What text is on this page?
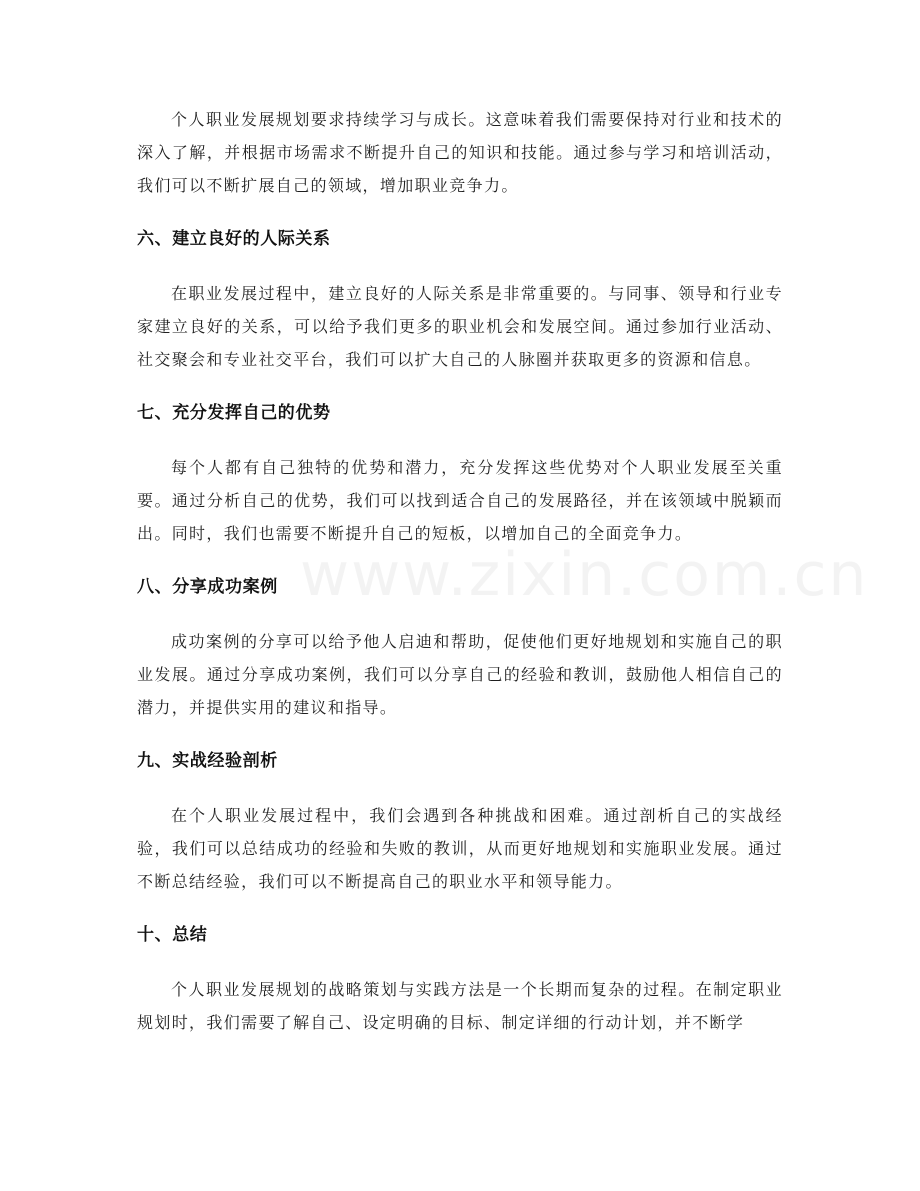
www.zixin.com.cn

个人职业发展规划要求持续学习与成长。这意味着我们需要保持对行业和技术的深入了解，并根据市场需求不断提升自己的知识和技能。通过参与学习和培训活动，我们可以不断扩展自己的领域，增加职业竞争力。

六、建立良好的人际关系

在职业发展过程中，建立良好的人际关系是非常重要的。与同事、领导和行业专家建立良好的关系，可以给予我们更多的职业机会和发展空间。通过参加行业活动、社交聚会和专业社交平台，我们可以扩大自己的人脉圈并获取更多的资源和信息。

七、充分发挥自己的优势

每个人都有自己独特的优势和潜力，充分发挥这些优势对个人职业发展至关重要。通过分析自己的优势，我们可以找到适合自己的发展路径，并在该领域中脱颖而出。同时，我们也需要不断提升自己的短板，以增加自己的全面竞争力。

八、分享成功案例

成功案例的分享可以给予他人启迪和帮助，促使他们更好地规划和实施自己的职业发展。通过分享成功案例，我们可以分享自己的经验和教训，鼓励他人相信自己的潜力，并提供实用的建议和指导。

九、实战经验剖析

在个人职业发展过程中，我们会遇到各种挑战和困难。通过剖析自己的实战经验，我们可以总结成功的经验和失败的教训，从而更好地规划和实施职业发展。通过不断总结经验，我们可以不断提高自己的职业水平和领导能力。

十、总结

个人职业发展规划的战略策划与实践方法是一个长期而复杂的过程。在制定职业规划时，我们需要了解自己、设定明确的目标、制定详细的行动计划，并不断学
